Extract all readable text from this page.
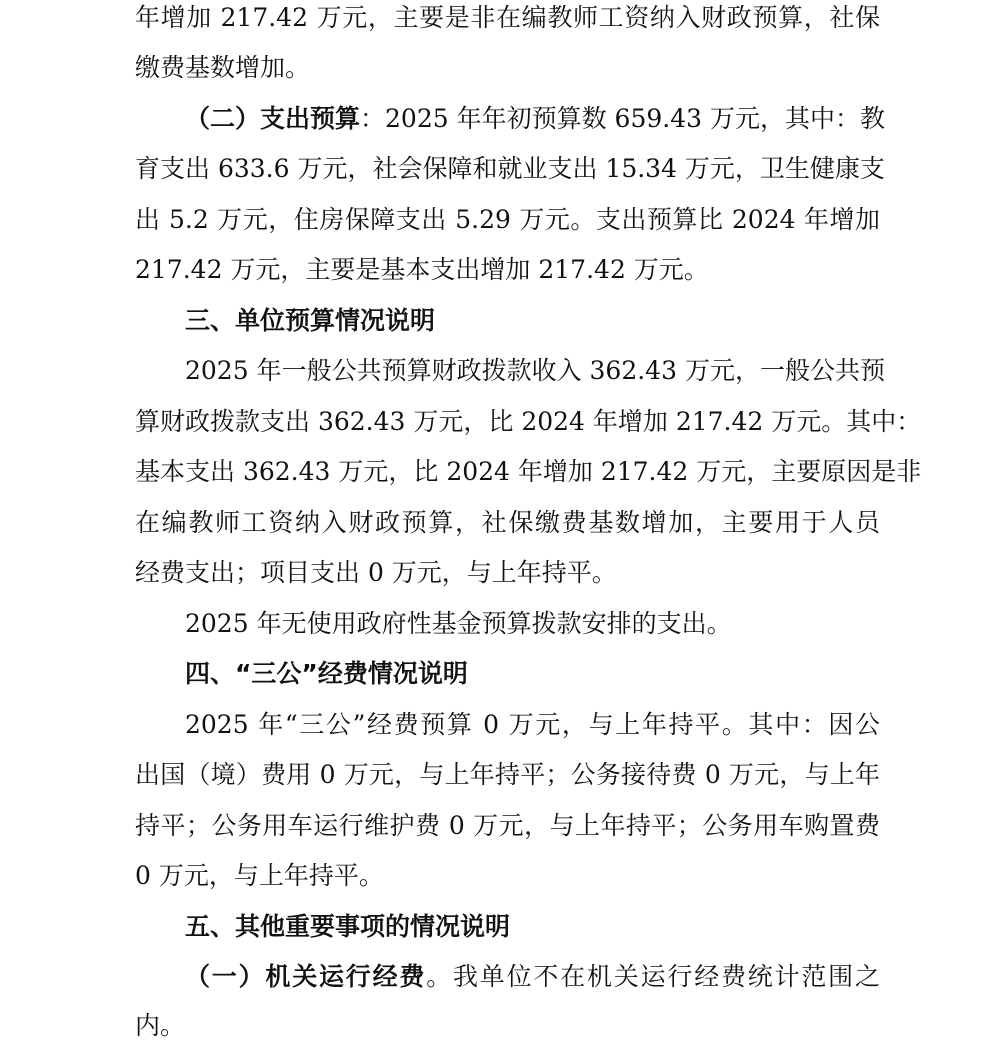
年增加 217.42 万元，主要是非在编教师工资纳入财政预算，社保
缴费基数增加。
（二）支出预算：2025 年年初预算数 659.43 万元，其中：教
育支出 633.6 万元，社会保障和就业支出 15.34 万元，卫生健康支
出 5.2 万元，住房保障支出 5.29 万元。支出预算比 2024 年增加
217.42 万元，主要是基本支出增加 217.42 万元。
三、单位预算情况说明
2025 年一般公共预算财政拨款收入 362.43 万元，一般公共预
算财政拨款支出 362.43 万元，比 2024 年增加 217.42 万元。其中：
基本支出 362.43 万元，比 2024 年增加 217.42 万元，主要原因是非
在编教师工资纳入财政预算，社保缴费基数增加，主要用于人员
经费支出；项目支出 0 万元，与上年持平。
2025 年无使用政府性基金预算拨款安排的支出。
四、“三公”经费情况说明
2025 年“三公”经费预算 0 万元，与上年持平。其中：因公
出国（境）费用 0 万元，与上年持平；公务接待费 0 万元，与上年
持平；公务用车运行维护费 0 万元，与上年持平；公务用车购置费
0 万元，与上年持平。
五、其他重要事项的情况说明
（一）机关运行经费。我单位不在机关运行经费统计范围之
内。
